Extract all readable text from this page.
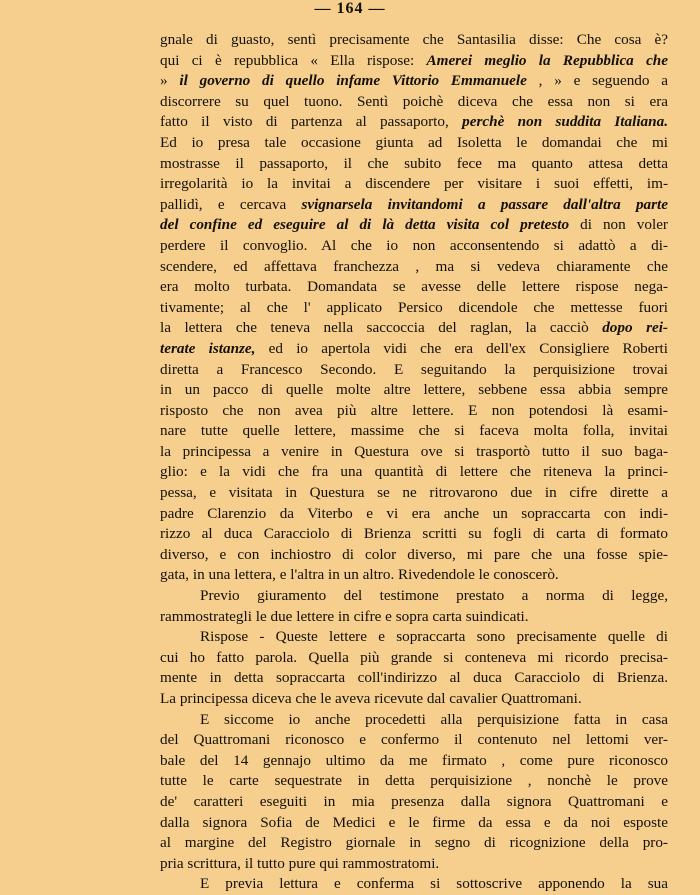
— 164 —
gnale di guasto, sentì precisamente che Santasilia disse: Che cosa è?
qui ci è repubblica « Ella rispose: Amerei meglio la Repubblica che
» il governo di quello infame Vittorio Emmanuele , » e seguendo a
discorrere su quel tuono. Sentì poichè diceva che essa non si era
fatto il visto di partenza al passaporto, perchè non suddita Italiana.
Ed io presa tale occasione giunta ad Isoletta le domandai che mi
mostrasse il passaporto, il che subito fece ma quanto attesa detta
irregolarità io la invitai a discendere per visitare i suoi effetti, im-
pallidì, e cercava svignarsela invitandomi a passare dall'altra parte
del confine ed eseguire al di là detta visita col pretesto di non voler
perdere il convoglio. Al che io non acconsentendo si adattò a di-
scendere, ed affettava franchezza , ma si vedeva chiaramente che
era molto turbata. Domandata se avesse delle lettere rispose nega-
tivamente; al che l' applicato Persico dicendole che mettesse fuori
la lettera che teneva nella saccoccia del raglan, la cacciò dopo rei-
terate istanze, ed io apertola vidi che era dell'ex Consigliere Roberti
diretta a Francesco Secondo. E seguitando la perquisizione trovai
in un pacco di quelle molte altre lettere, sebbene essa abbia sempre
risposto che non avea più altre lettere. E non potendosi là esami-
nare tutte quelle lettere, massime che si faceva molta folla, invitai
la principessa a venire in Questura ove si trasportò tutto il suo baga-
glio: e la vidi che fra una quantità di lettere che riteneva la princi-
pessa, e visitata in Questura se ne ritrovarono due in cifre dirette a
padre Clarenzio da Viterbo e vi era anche un sopraccarta con indi-
rizzo al duca Caracciolo di Brienza scritti su fogli di carta di formato
diverso, e con inchiostro di color diverso, mi pare che una fosse spie-
gata, in una lettera, e l'altra in un altro. Rivedendole le conoscerò.
Previo giuramento del testimone prestato a norma di legge,
rammostrategli le due lettere in cifre e sopra carta suindicati.
Rispose - Queste lettere e sopraccarta sono precisamente quelle di
cui ho fatto parola. Quella più grande si conteneva mi ricordo precisa-
mente in detta sopraccarta coll'indirizzo al duca Caracciolo di Brienza.
La principessa diceva che le aveva ricevute dal cavalier Quattromani.
E siccome io anche procedetti alla perquisizione fatta in casa
del Quattromani riconosco e confermo il contenuto nel lettomi ver-
bale del 14 gennajo ultimo da me firmato , come pure riconosco
tutte le carte sequestrate in detta perquisizione , nonchè le prove
de' caratteri eseguiti in mia presenza dalla signora Quattromani e
dalla signora Sofia de Medici e le firme da essa e da noi esposte
al margine del Registro giornale in segno di ricognizione della pro-
pria scrittura, il tutto pure qui rammostratomi.
E previa lettura e conferma si sottoscrive apponendo la sua
